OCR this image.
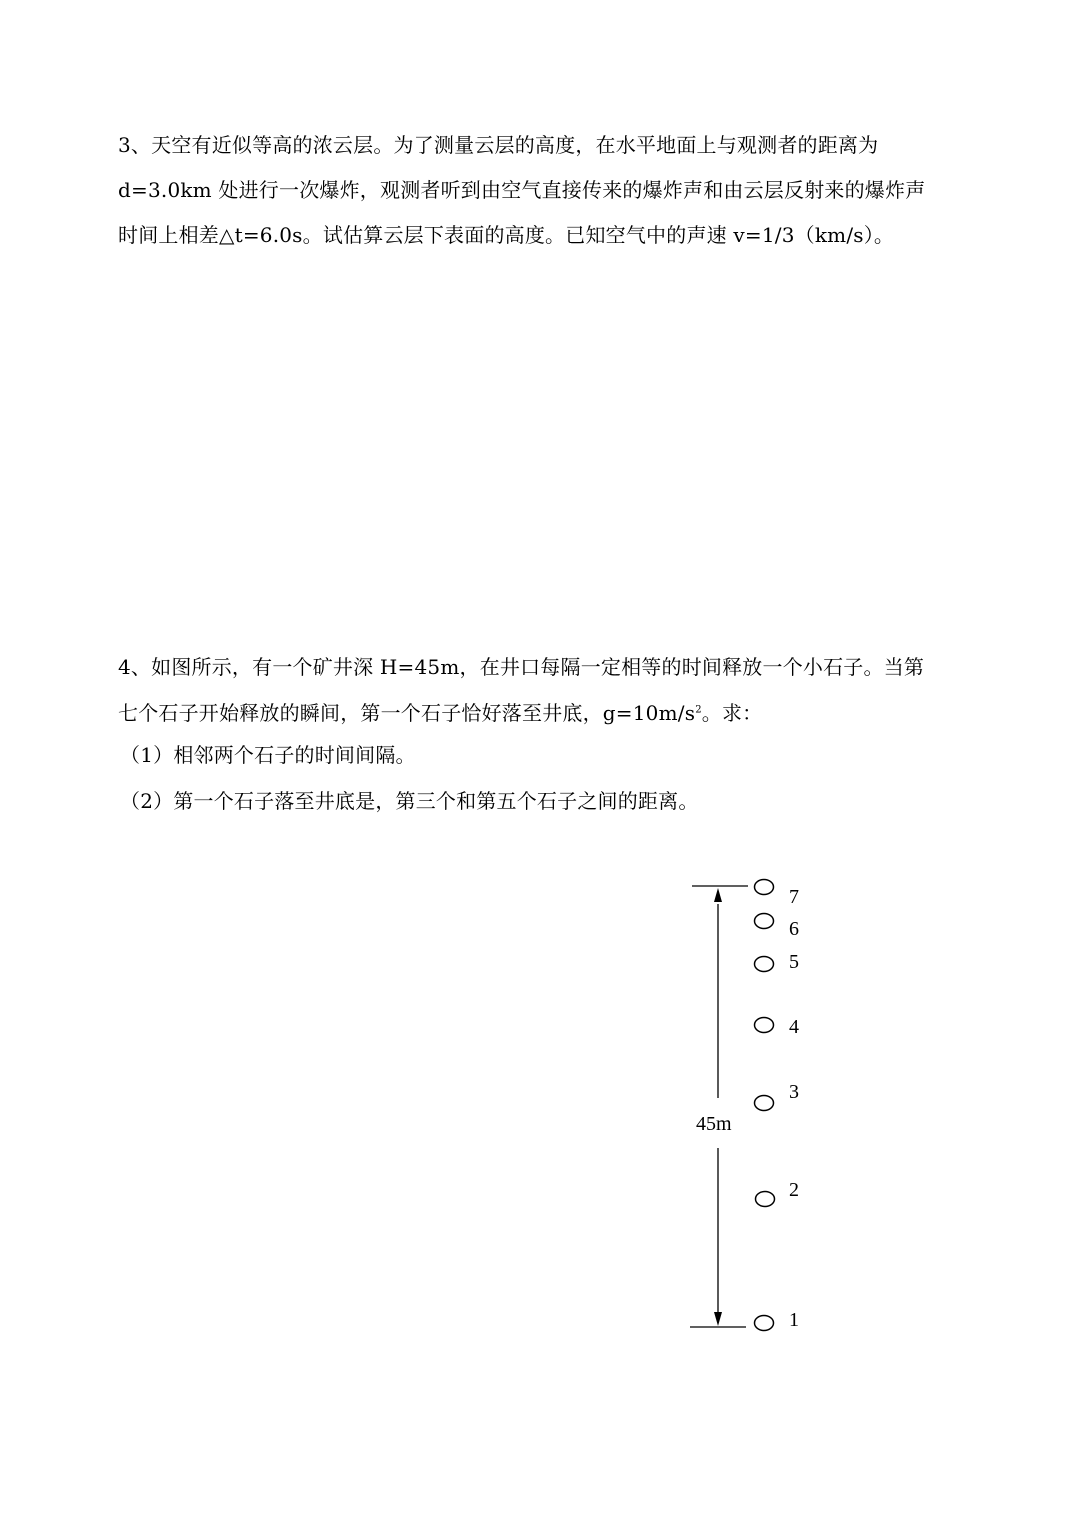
3、天空有近似等高的浓云层。为了测量云层的高度，在水平地面上与观测者的距离为
d=3.0km 处进行一次爆炸，观测者听到由空气直接传来的爆炸声和由云层反射来的爆炸声
时间上相差△t=6.0s。试估算云层下表面的高度。已知空气中的声速 v=1/3（km/s）。
4、如图所示，有一个矿井深 H=45m，在井口每隔一定相等的时间释放一个小石子。当第
七个石子开始释放的瞬间，第一个石子恰好落至井底，$g=10m/s^2$。求：
（1）相邻两个石子的时间间隔。
（2）第一个石子落至井底是，第三个和第五个石子之间的距离。
45m
7
6
5
4
3
2
1
